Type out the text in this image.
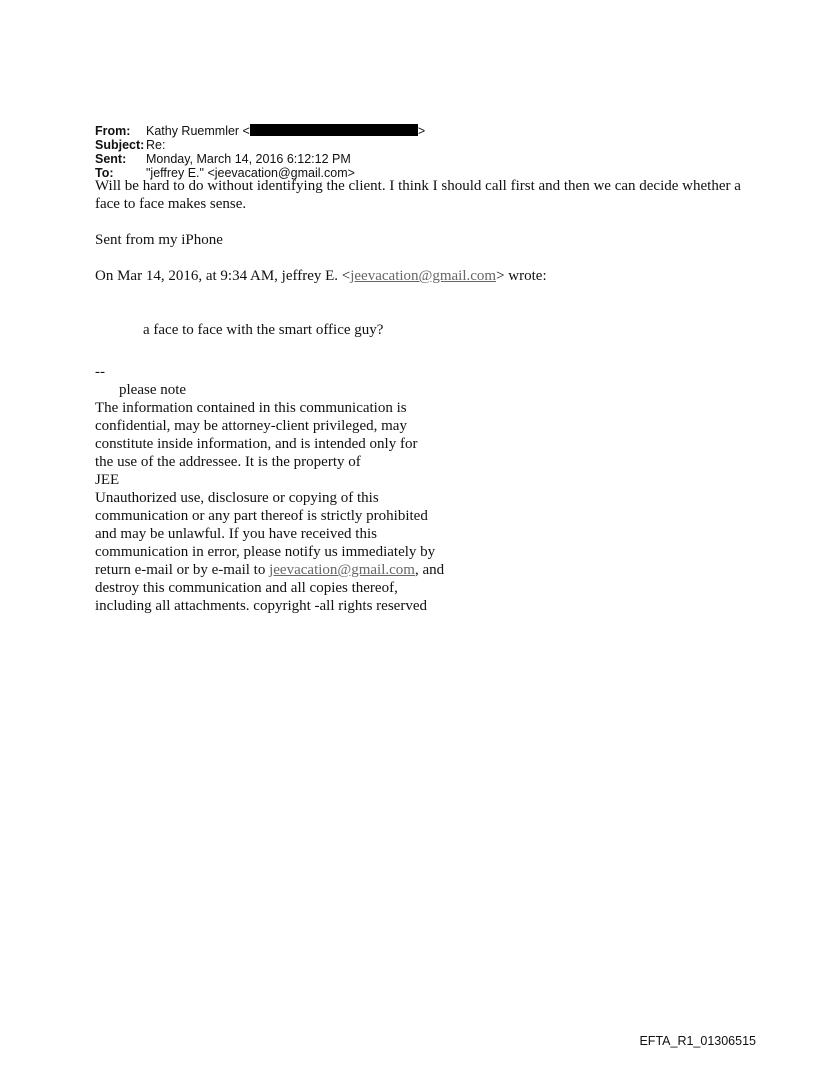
From:	Kathy Ruemmler <	>
Subject: Re:
Sent:	Monday, March 14, 2016 6:12:12 PM
To:	"jeffrey E." <jeevacation@gmail.com>

Will be hard to do without identifying the client. I think I should call first and then we can decide whether a face to face makes sense.

Sent from my iPhone

On Mar 14, 2016, at 9:34 AM, jeffrey E. <jeevacation@gmail.com> wrote:

a face to face with the smart office guy?

--

please note

The information contained in this communication is

confidential, may be attorney-client privileged, may

constitute inside information, and is intended only for

the use of the addressee. It is the property of

JEE

Unauthorized use, disclosure or copying of this

communication or any part thereof is strictly prohibited

and may be unlawful. If you have received this

communication in error, please notify us immediately by

return e-mail or by e-mail to jeevacation@gmail.com, and

destroy this communication and all copies thereof,

including all attachments. copyright -all rights reserved

EFTA_R1_01306515
